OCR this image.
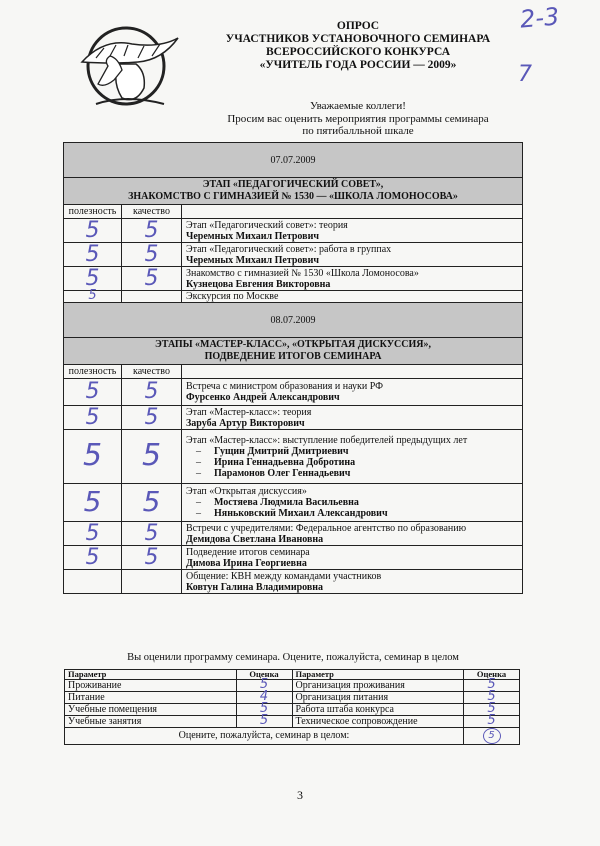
2-3
7
ОПРОС
УЧАСТНИКОВ УСТАНОВОЧНОГО СЕМИНАРА
ВСЕРОССИЙСКОГО КОНКУРСА
«УЧИТЕЛЬ ГОДА РОССИИ — 2009»
Уважаемые коллеги!
Просим вас оценить мероприятия программы семинара
по пятибалльной шкале
07.07.2009		

ЭТАП «ПЕДАГОГИЧЕСКИЙ СОВЕТ»,
ЗНАКОМСТВО С ГИМНАЗИЕЙ № 1530 — «ШКОЛА ЛОМОНОСОВА»		

полезность	качество	
5	5	Этап «Педагогический совет»: теория
Черемных Михаил Петрович

5	5	Этап «Педагогический совет»: работа в группах
Черемных Михаил Петрович

5	5	Знакомство с гимназией № 1530 «Школа Ломоносова»
Кузнецова Евгения Викторовна

5		Экскурсия по Москве

08.07.2009		

ЭТАПЫ «МАСТЕР-КЛАСС», «ОТКРЫТАЯ ДИСКУССИЯ»,
ПОДВЕДЕНИЕ ИТОГОВ СЕМИНАРА		

полезность	качество	
5	5	Встреча с министром образования и науки РФ
Фурсенко Андрей Александрович

5	5	Этап «Мастер-класс»: теория
Заруба Артур Викторович

5	5	Этап «Мастер-класс»: выступление победителей предыдущих лет
– Гущин Дмитрий Дмитриевич
– Ирина Геннадьевна Добротина
– Парамонов Олег Геннадьевич

5	5	Этап «Открытая дискуссия»
– Мостяева Людмила Васильевна
– Няньковский Михаил Александрович

5	5	Встречи с учредителями: Федеральное агентство по образованию
Демидова Светлана Ивановна

5	5	Подведение итогов семинара
Димова Ирина Георгиевна

		Общение: КВН между командами участников
Ковтун Галина Владимировна
Вы оценили программу семинара. Оцените, пожалуйста, семинар в целом
Параметр	Оценка	Параметр	Оценка
Проживание	5	Организация проживания	5
Питание	4	Организация питания	5
Учебные помещения	5	Работа штаба конкурса	5
Учебные занятия	5	Техническое сопровождение	5
Оцените, пожалуйста, семинар в целом:			5
3
